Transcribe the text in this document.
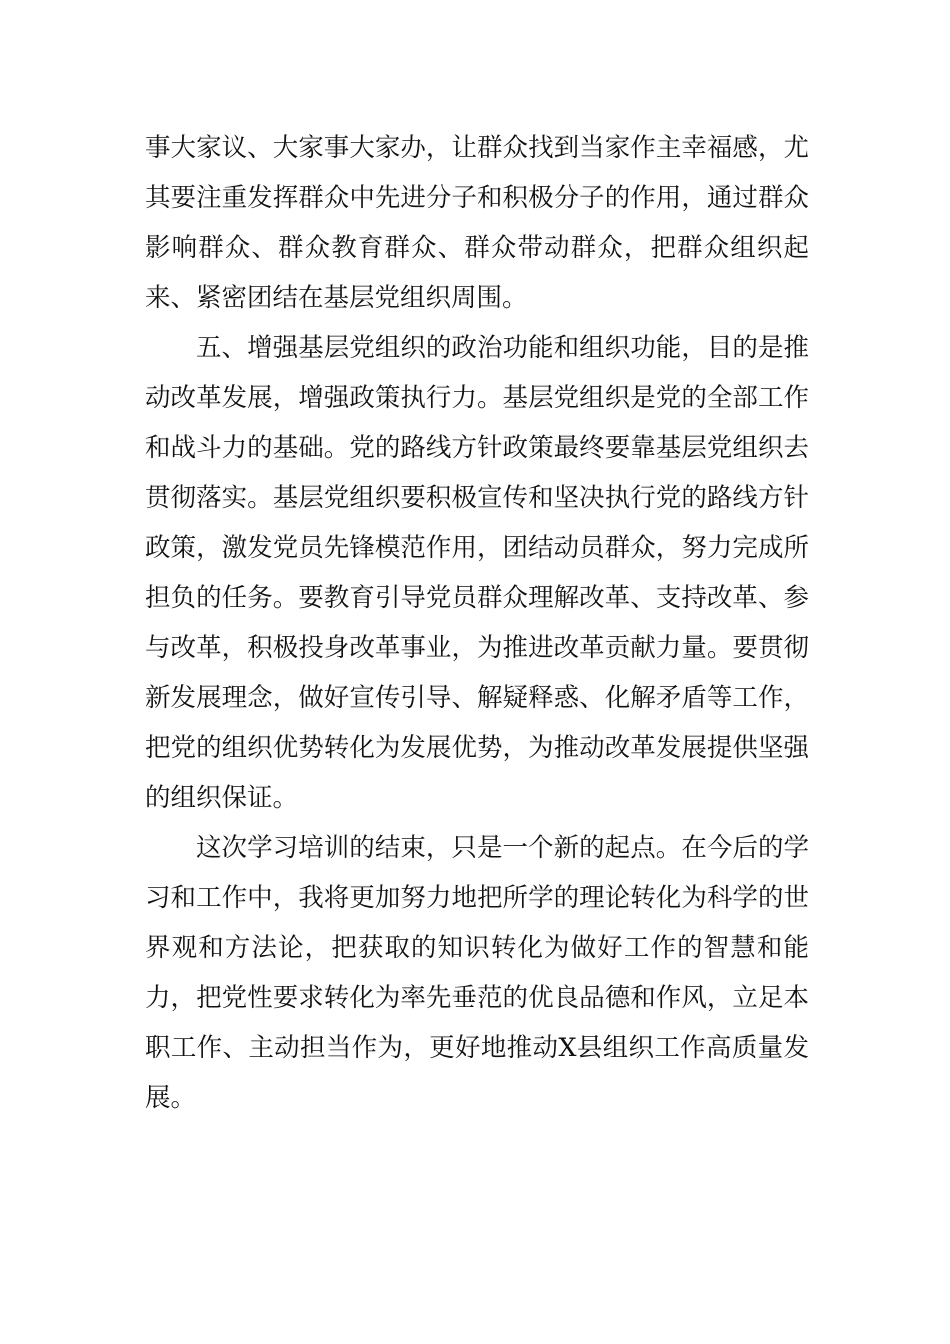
事大家议、大家事大家办，让群众找到当家作主幸福感，尤其要注重发挥群众中先进分子和积极分子的作用，通过群众影响群众、群众教育群众、群众带动群众，把群众组织起来、紧密团结在基层党组织周围。

五、增强基层党组织的政治功能和组织功能，目的是推动改革发展，增强政策执行力。基层党组织是党的全部工作和战斗力的基础。党的路线方针政策最终要靠基层党组织去贯彻落实。基层党组织要积极宣传和坚决执行党的路线方针政策，激发党员先锋模范作用，团结动员群众，努力完成所担负的任务。要教育引导党员群众理解改革、支持改革、参与改革，积极投身改革事业，为推进改革贡献力量。要贯彻新发展理念，做好宣传引导、解疑释惑、化解矛盾等工作，把党的组织优势转化为发展优势，为推动改革发展提供坚强的组织保证。

这次学习培训的结束，只是一个新的起点。在今后的学习和工作中，我将更加努力地把所学的理论转化为科学的世界观和方法论，把获取的知识转化为做好工作的智慧和能力，把党性要求转化为率先垂范的优良品德和作风，立足本职工作、主动担当作为，更好地推动X县组织工作高质量发展。
